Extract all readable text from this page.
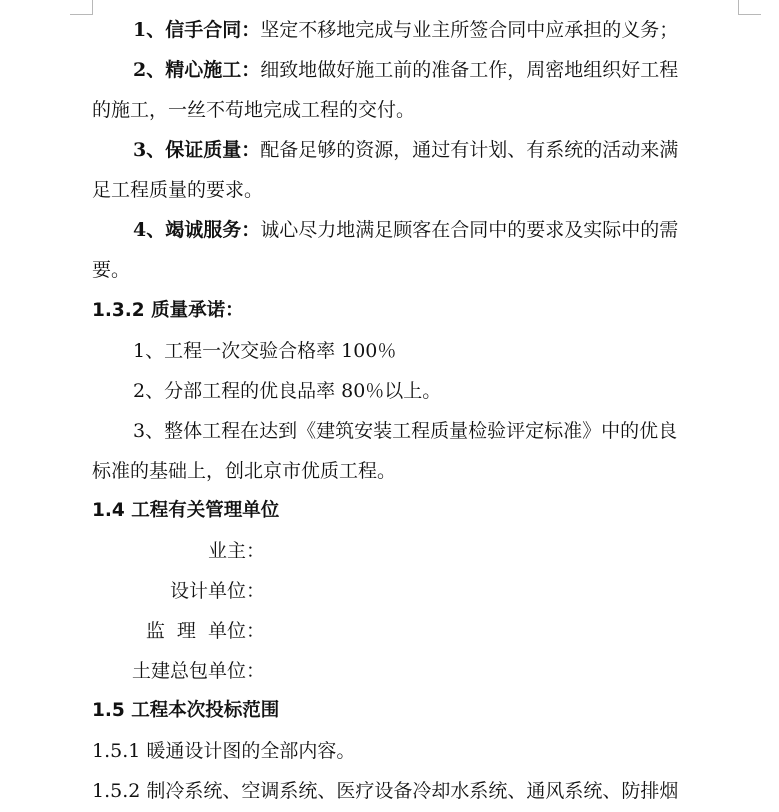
1、信手合同：坚定不移地完成与业主所签合同中应承担的义务；
2、精心施工：细致地做好施工前的准备工作，周密地组织好工程
的施工，一丝不苟地完成工程的交付。
3、保证质量：配备足够的资源，通过有计划、有系统的活动来满
足工程质量的要求。
4、竭诚服务：诚心尽力地满足顾客在合同中的要求及实际中的需
要。
1.3.2 质量承诺：
1、工程一次交验合格率 100％
2、分部工程的优良品率 80％以上。
3、整体工程在达到《建筑安装工程质量检验评定标准》中的优良
标准的基础上，创北京市优质工程。
1.4 工程有关管理单位
业主：
设计单位：
监  理  单位：
土建总包单位：
1.5 工程本次投标范围
1.5.1 暖通设计图的全部内容。
1.5.2 制冷系统、空调系统、医疗设备冷却水系统、通风系统、防排烟
